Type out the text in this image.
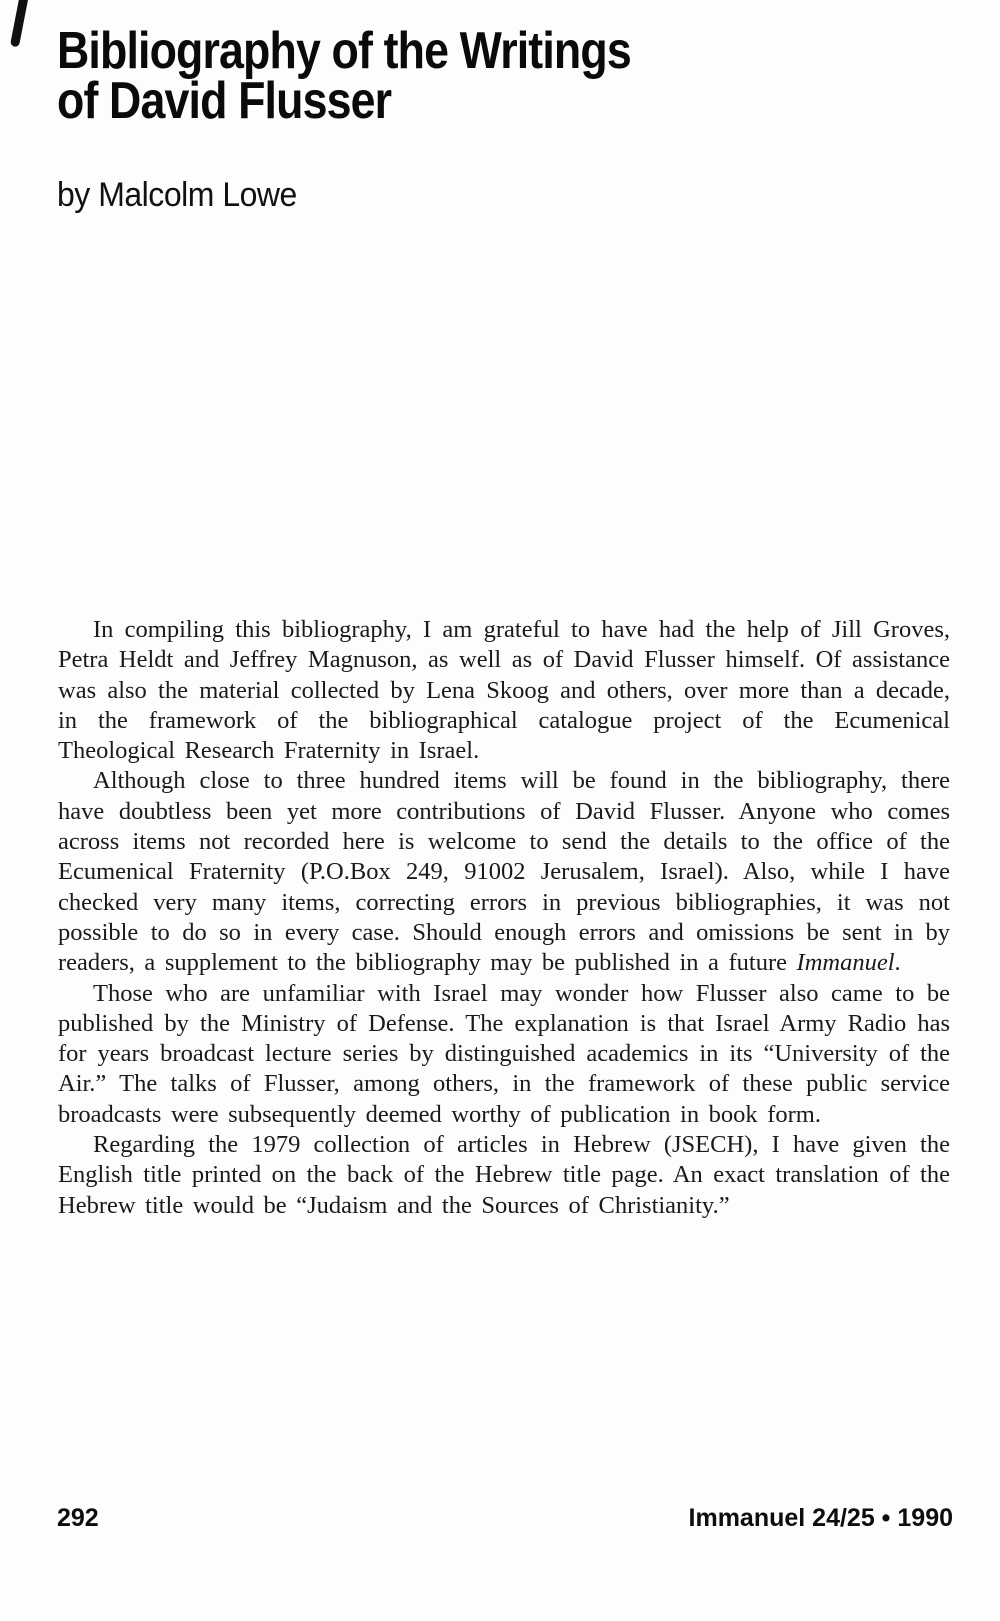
Bibliography of the Writings
of David Flusser
by Malcolm Lowe

In compiling this bibliography, I am grateful to have had the help of Jill Groves, Petra Heldt and Jeffrey Magnuson, as well as of David Flusser himself. Of assistance was also the material collected by Lena Skoog and others, over more than a decade, in the framework of the bibliographical catalogue project of the Ecumenical Theological Research Fraternity in Israel.

Although close to three hundred items will be found in the bibliography, there have doubtless been yet more contributions of David Flusser. Anyone who comes across items not recorded here is welcome to send the details to the office of the Ecumenical Fraternity (P.O.Box 249, 91002 Jerusalem, Israel). Also, while I have checked very many items, correcting errors in previous bibliographies, it was not possible to do so in every case. Should enough errors and omissions be sent in by readers, a supplement to the bibliography may be published in a future Immanuel.

Those who are unfamiliar with Israel may wonder how Flusser also came to be published by the Ministry of Defense. The explanation is that Israel Army Radio has for years broadcast lecture series by distinguished academics in its “University of the Air.” The talks of Flusser, among others, in the framework of these public service broadcasts were subsequently deemed worthy of publication in book form.

Regarding the 1979 collection of articles in Hebrew (JSECH), I have given the English title printed on the back of the Hebrew title page. An exact translation of the Hebrew title would be “Judaism and the Sources of Christianity.”

292	Immanuel 24/25 • 1990
